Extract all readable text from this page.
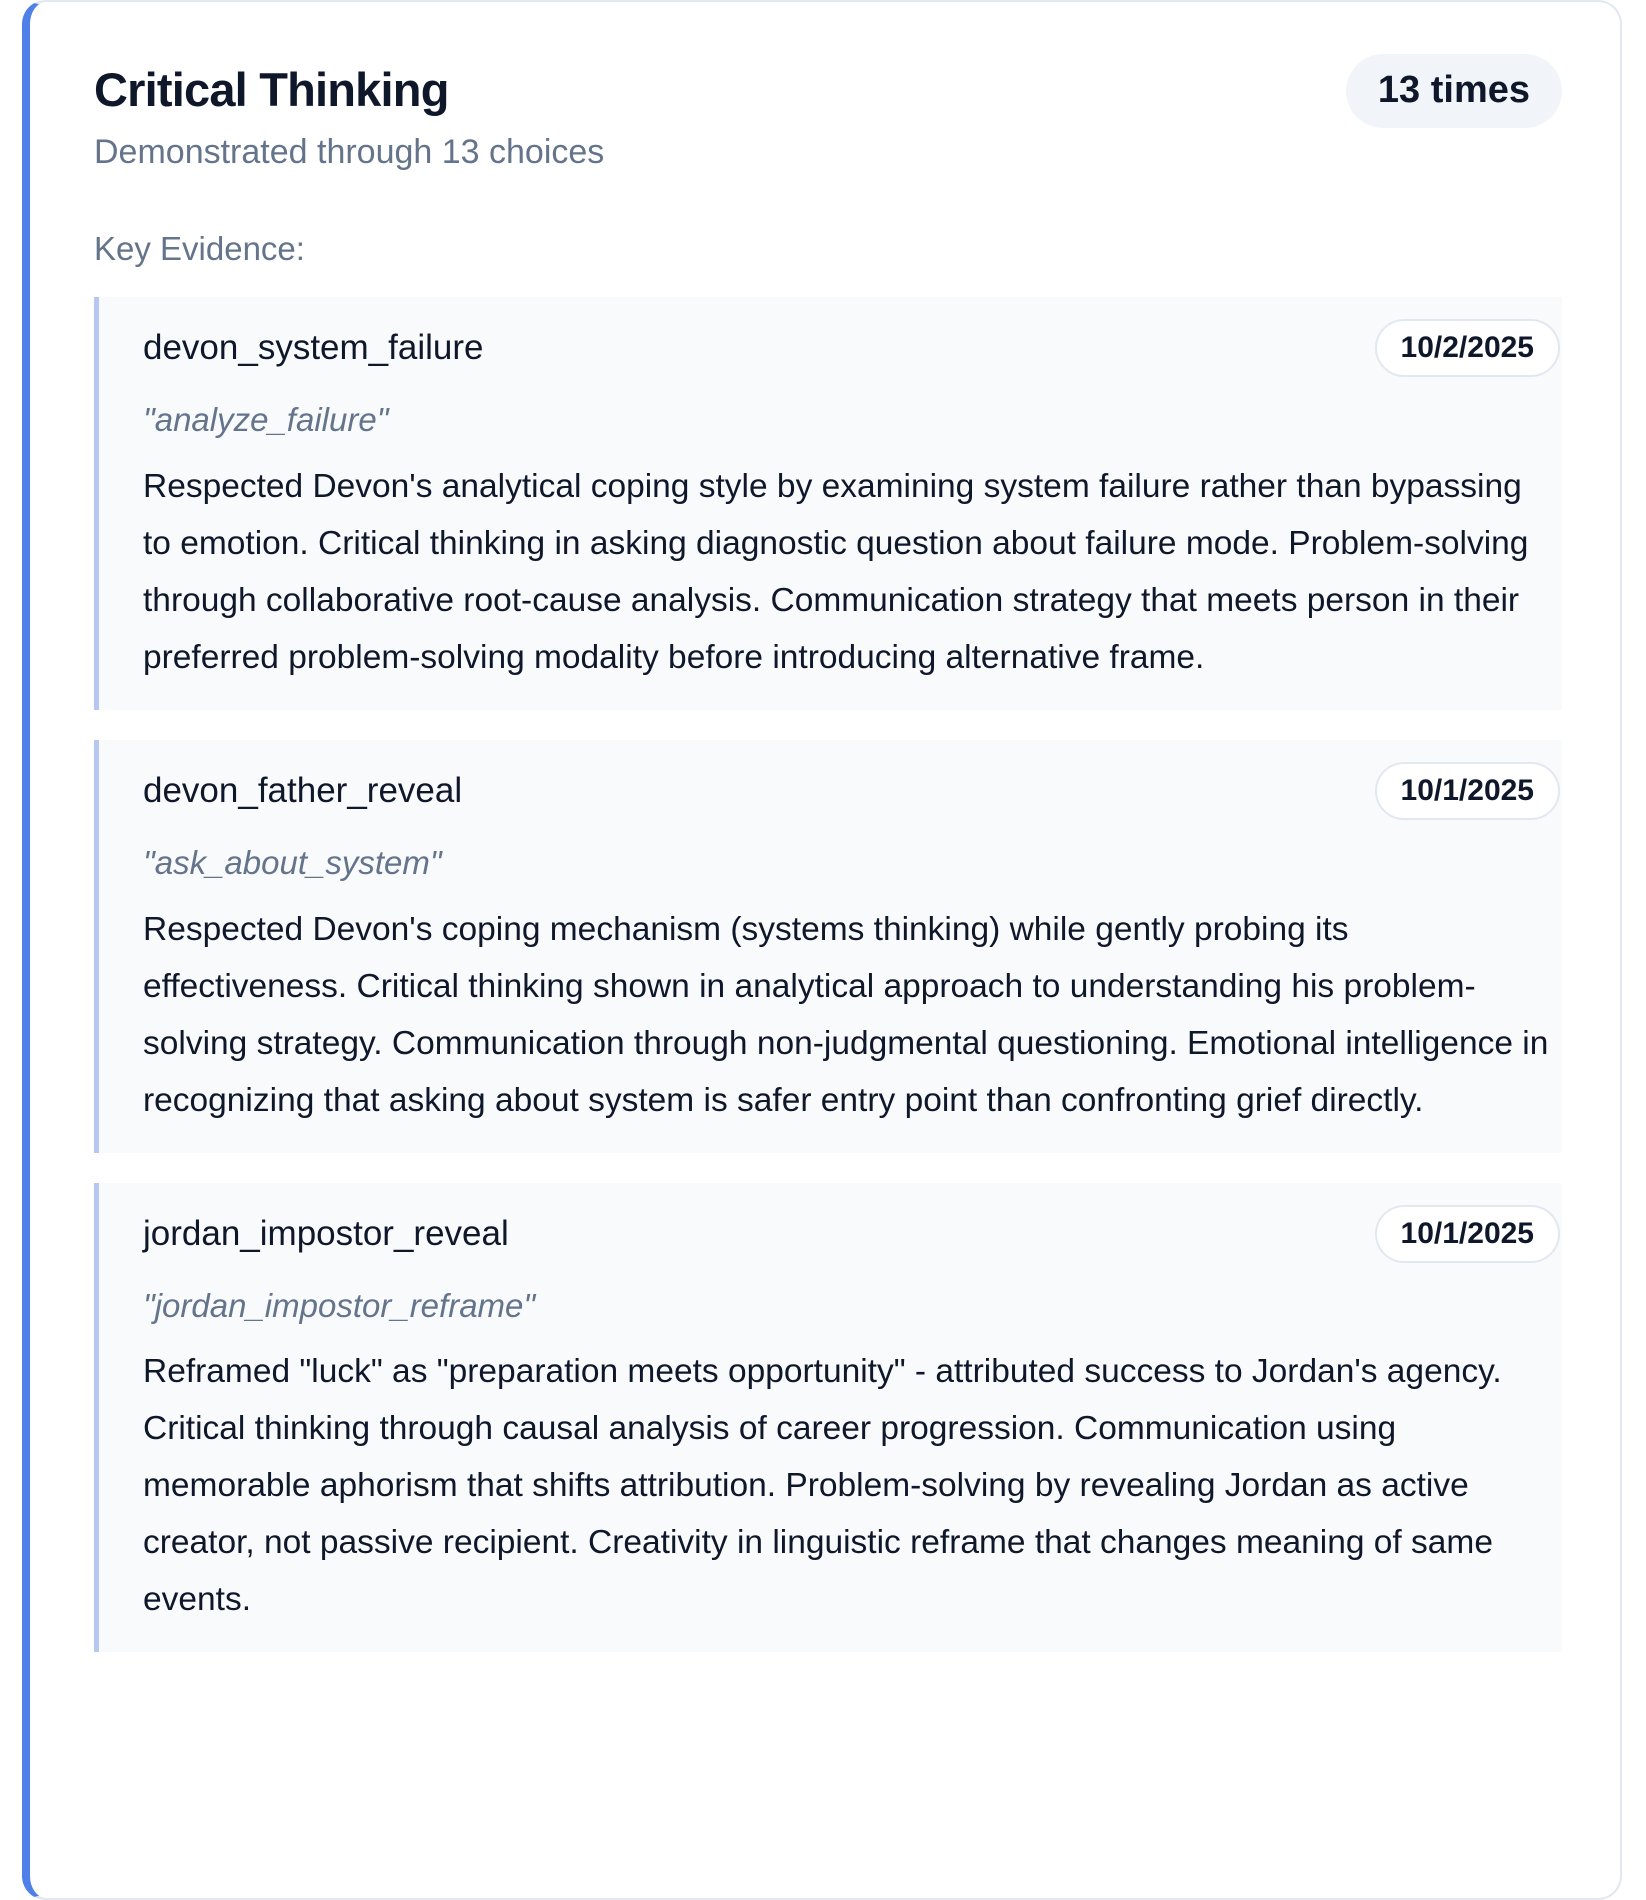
Critical Thinking
Demonstrated through 13 choices
13 times
Key Evidence:
devon_system_failure	10/2/2025
"analyze_failure"
Respected Devon's analytical coping style by examining system failure rather than bypassing to emotion. Critical thinking in asking diagnostic question about failure mode. Problem-solving through collaborative root-cause analysis. Communication strategy that meets person in their preferred problem-solving modality before introducing alternative frame.
devon_father_reveal	10/1/2025
"ask_about_system"
Respected Devon's coping mechanism (systems thinking) while gently probing its effectiveness. Critical thinking shown in analytical approach to understanding his problem-solving strategy. Communication through non-judgmental questioning. Emotional intelligence in recognizing that asking about system is safer entry point than confronting grief directly.
jordan_impostor_reveal	10/1/2025
"jordan_impostor_reframe"
Reframed "luck" as "preparation meets opportunity" - attributed success to Jordan's agency. Critical thinking through causal analysis of career progression. Communication using memorable aphorism that shifts attribution. Problem-solving by revealing Jordan as active creator, not passive recipient. Creativity in linguistic reframe that changes meaning of same events.
